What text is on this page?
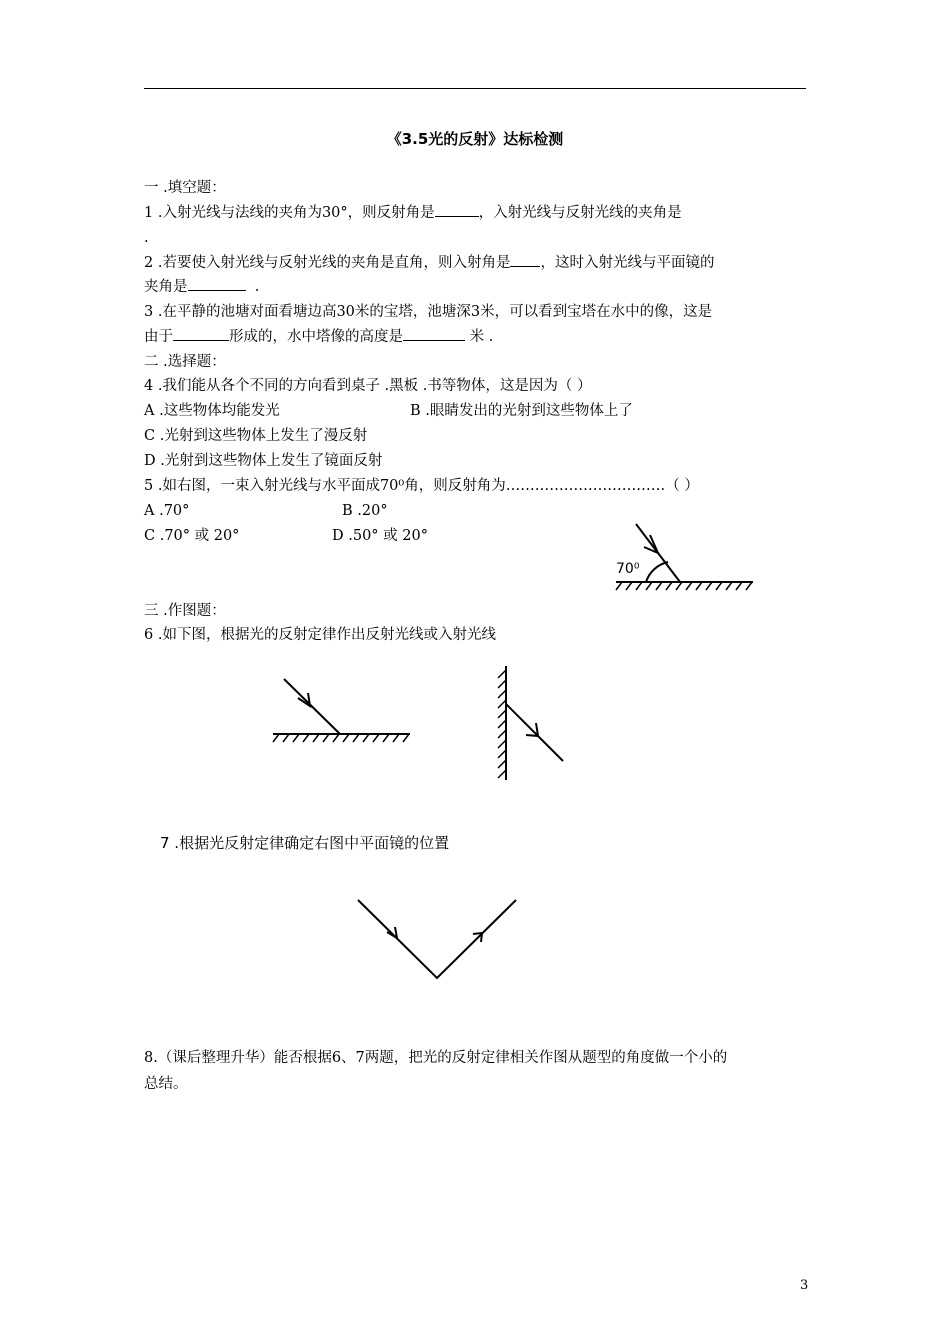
《3.5光的反射》达标检测
一 .填空题：
1 .入射光线与法线的夹角为30°，则反射角是	，入射光线与反射光线的夹角是
.
2 .若要使入射光线与反射光线的夹角是直角，则入射角是 ，这时入射光线与平面镜的
夹角是	.
3 .在平静的池塘对面看塘边高30米的宝塔，池塘深3米，可以看到宝塔在水中的像，这是
由于	形成的，水中塔像的高度是	米 .
二 .选择题：
4 .我们能从各个不同的方向看到桌子 .黑板 .书等物体，这是因为（ ）
A .这些物体均能发光	B .眼睛发出的光射到这些物体上了
C .光射到这些物体上发生了漫反射
D .光射到这些物体上发生了镜面反射
5 .如右图，一束入射光线与水平面成70⁰角，则反射角为……………………………（ ）
A .70°	B .20°
C .70° 或 20°	D .50° 或 20°
70⁰
三 .作图题：
6 .如下图，根据光的反射定律作出反射光线或入射光线
7 .根据光反射定律确定右图中平面镜的位置
8.（课后整理升华）能否根据6、7两题，把光的反射定律相关作图从题型的角度做一个小的
总结。
3
